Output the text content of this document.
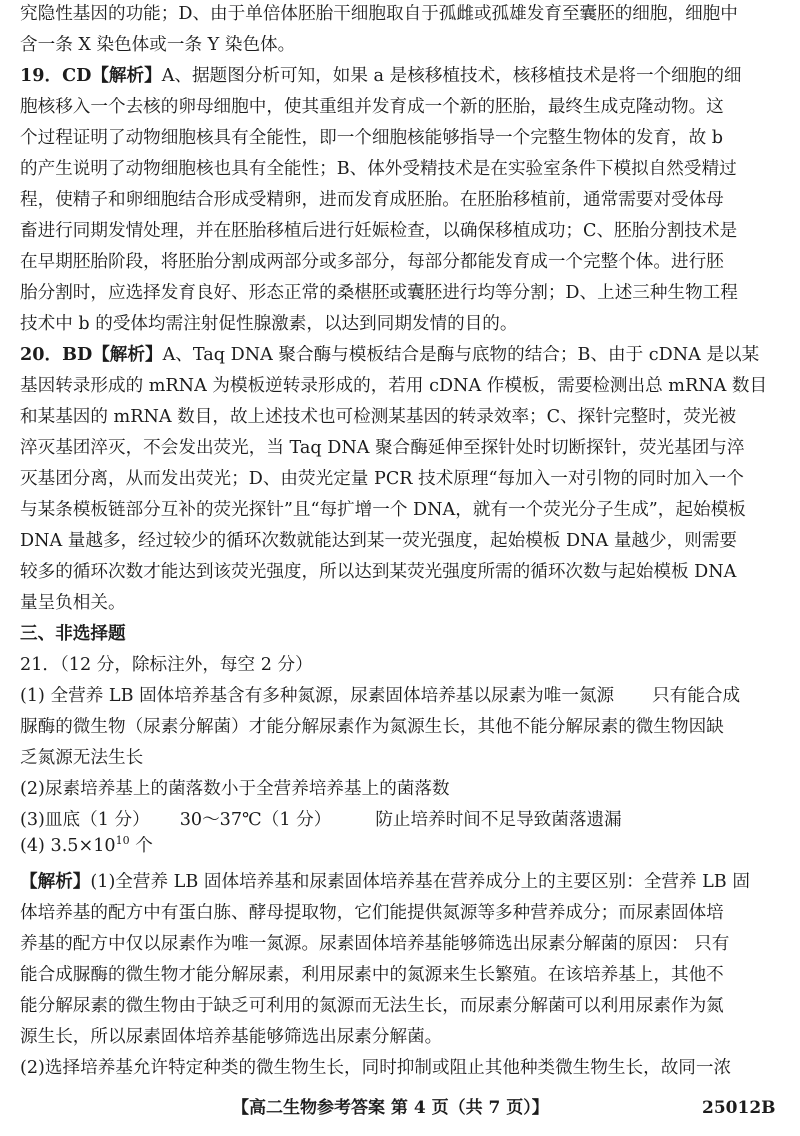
究隐性基因的功能；D、由于单倍体胚胎干细胞取自于孤雌或孤雄发育至囊胚的细胞，细胞中
含一条 X 染色体或一条 Y 染色体。
19．CD【解析】A、据题图分析可知，如果 a 是核移植技术，核移植技术是将一个细胞的细
胞核移入一个去核的卵母细胞中，使其重组并发育成一个新的胚胎，最终生成克隆动物。这
个过程证明了动物细胞核具有全能性，即一个细胞核能够指导一个完整生物体的发育，故 b
的产生说明了动物细胞核也具有全能性；B、体外受精技术是在实验室条件下模拟自然受精过
程，使精子和卵细胞结合形成受精卵，进而发育成胚胎。在胚胎移植前，通常需要对受体母
畜进行同期发情处理，并在胚胎移植后进行妊娠检查，以确保移植成功；C、胚胎分割技术是
在早期胚胎阶段，将胚胎分割成两部分或多部分，每部分都能发育成一个完整个体。进行胚
胎分割时，应选择发育良好、形态正常的桑椹胚或囊胚进行均等分割；D、上述三种生物工程
技术中 b 的受体均需注射促性腺激素，以达到同期发情的目的。
20．BD【解析】A、Taq DNA 聚合酶与模板结合是酶与底物的结合；B、由于 cDNA 是以某
基因转录形成的 mRNA 为模板逆转录形成的，若用 cDNA 作模板，需要检测出总 mRNA 数目
和某基因的 mRNA 数目，故上述技术也可检测某基因的转录效率；C、探针完整时，荧光被
淬灭基团淬灭，不会发出荧光，当 Taq DNA 聚合酶延伸至探针处时切断探针，荧光基团与淬
灭基团分离，从而发出荧光；D、由荧光定量 PCR 技术原理“每加入一对引物的同时加入一个
与某条模板链部分互补的荧光探针”且“每扩增一个 DNA，就有一个荧光分子生成”，起始模板
DNA 量越多，经过较少的循环次数就能达到某一荧光强度，起始模板 DNA 量越少，则需要
较多的循环次数才能达到该荧光强度，所以达到某荧光强度所需的循环次数与起始模板 DNA
量呈负相关。
三、非选择题
21．（12 分，除标注外，每空 2 分）
(1) 全营养 LB 固体培养基含有多种氮源，尿素固体培养基以尿素为唯一氮源 只有能合成
脲酶的微生物（尿素分解菌）才能分解尿素作为氮源生长，其他不能分解尿素的微生物因缺
乏氮源无法生长
(2)尿素培养基上的菌落数小于全营养培养基上的菌落数
(3)皿底（1 分） 30～37℃（1 分）	防止培养时间不足导致菌落遗漏
(4) $3.5\times 10^{10}$ 个
【解析】(1)全营养 LB 固体培养基和尿素固体培养基在营养成分上的主要区别：全营养 LB 固
体培养基的配方中有蛋白胨、酵母提取物，它们能提供氮源等多种营养成分；而尿素固体培
养基的配方中仅以尿素作为唯一氮源。尿素固体培养基能够筛选出尿素分解菌的原因： 只有
能合成脲酶的微生物才能分解尿素，利用尿素中的氮源来生长繁殖。在该培养基上，其他不
能分解尿素的微生物由于缺乏可利用的氮源而无法生长，而尿素分解菌可以利用尿素作为氮
源生长，所以尿素固体培养基能够筛选出尿素分解菌。
(2)选择培养基允许特定种类的微生物生长，同时抑制或阻止其他种类微生物生长，故同一浓
【高二生物参考答案 第 4 页（共 7 页）】	25012B
